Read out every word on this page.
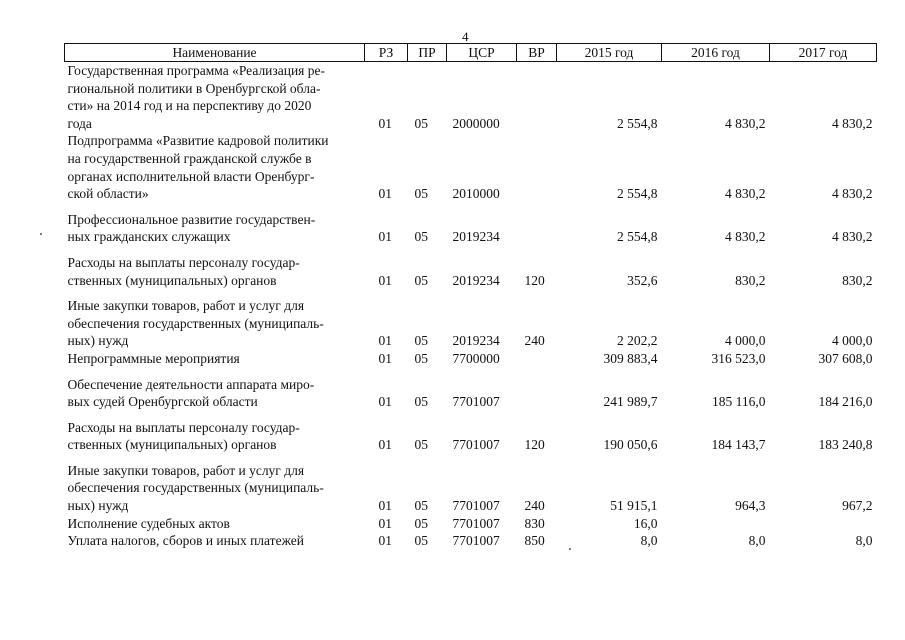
4
Наименование	РЗ	ПР	ЦСР	ВР	2015 год	2016 год	2017 год

Государственная программа «Реализация ре-
гиональной политики в Оренбургской обла-
сти» на 2014 год и на перспективу до 2020
года	01	05	2000000		2 554,8	4 830,2	4 830,2

Подпрограмма «Развитие кадровой политики
на государственной гражданской службе в
органах исполнительной власти Оренбург-
ской области»	01	05	2010000		2 554,8	4 830,2	4 830,2

Профессиональное развитие государствен-
ных гражданских служащих	01	05	2019234		2 554,8	4 830,2	4 830,2

Расходы на выплаты персоналу государ-
ственных (муниципальных) органов	01	05	2019234	120	352,6	830,2	830,2

Иные закупки товаров, работ и услуг для
обеспечения государственных (муниципаль-
ных) нужд	01	05	2019234	240	2 202,2	4 000,0	4 000,0

Непрограммные мероприятия	01	05	7700000		309 883,4	316 523,0	307 608,0

Обеспечение деятельности аппарата миро-
вых судей Оренбургской области	01	05	7701007		241 989,7	185 116,0	184 216,0

Расходы на выплаты персоналу государ-
ственных (муниципальных) органов	01	05	7701007	120	190 050,6	184 143,7	183 240,8

Иные закупки товаров, работ и услуг для
обеспечения государственных (муниципаль-
ных) нужд	01	05	7701007	240	51 915,1	964,3	967,2

Исполнение судебных актов	01	05	7701007	830	16,0		

Уплата налогов, сборов и иных платежей	01	05	7701007	850	8,0	8,0	8,0
